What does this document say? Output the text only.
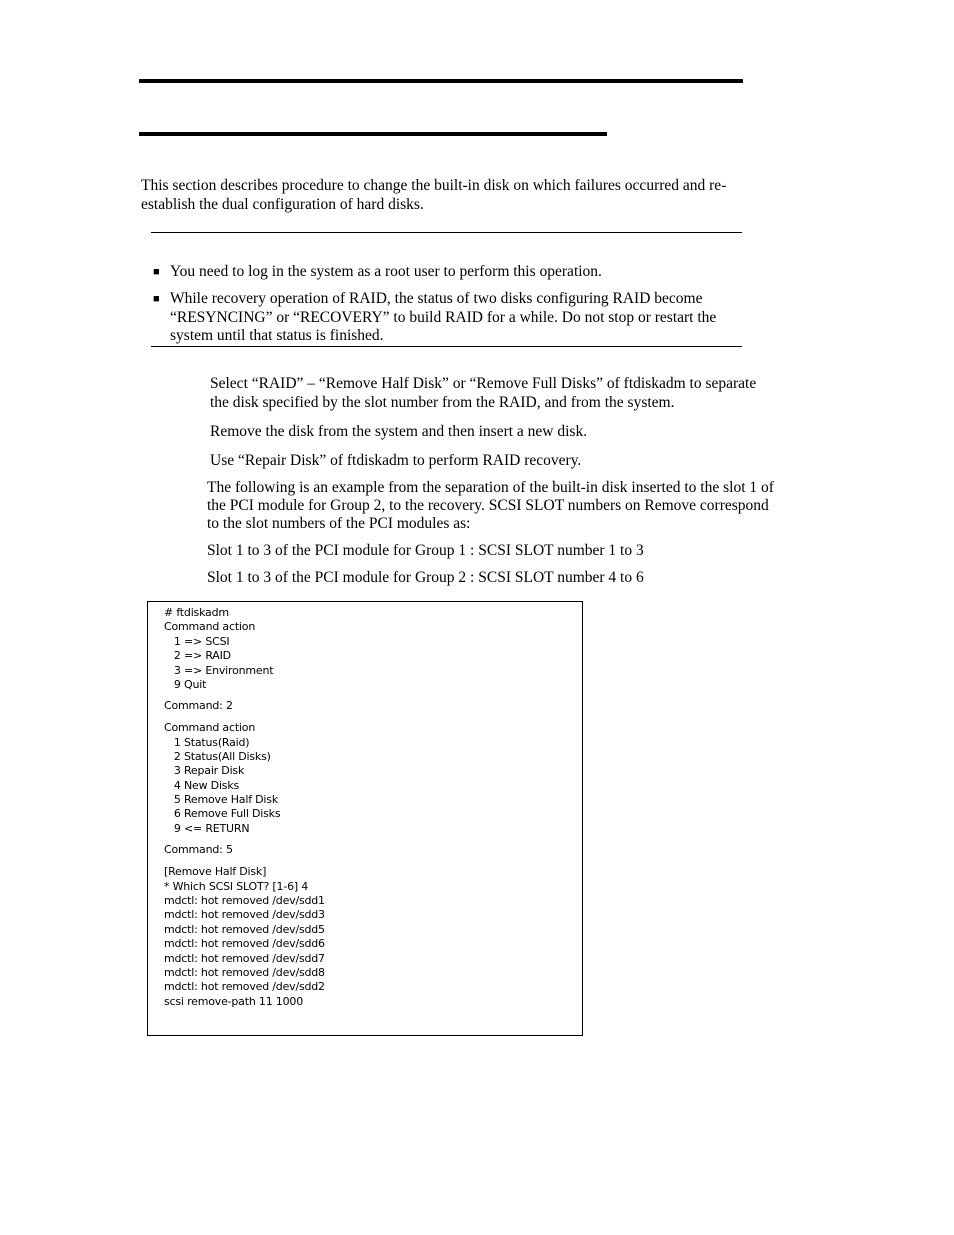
This section describes procedure to change the built-in disk on which failures occurred and re-establish the dual configuration of hard disks.

■ You need to log in the system as a root user to perform this operation.
■ While recovery operation of RAID, the status of two disks configuring RAID become “RESYNCING” or “RECOVERY” to build RAID for a while. Do not stop or restart the system until that status is finished.
Select “RAID” – “Remove Half Disk” or “Remove Full Disks” of ftdiskadm to separate the disk specified by the slot number from the RAID, and from the system.
Remove the disk from the system and then insert a new disk.
Use “Repair Disk” of ftdiskadm to perform RAID recovery.
The following is an example from the separation of the built-in disk inserted to the slot 1 of the PCI module for Group 2, to the recovery. SCSI SLOT numbers on Remove correspond to the slot numbers of the PCI modules as:
Slot 1 to 3 of the PCI module for Group 1 : SCSI SLOT number 1 to 3
Slot 1 to 3 of the PCI module for Group 2 : SCSI SLOT number 4 to 6
# ftdiskadm
Command action
1 => SCSI
2 => RAID
3 => Environment
9 Quit
Command: 2
Command action
1 Status(Raid)
2 Status(All Disks)
3 Repair Disk
4 New Disks
5 Remove Half Disk
6 Remove Full Disks
9 <= RETURN
Command: 5
[Remove Half Disk]
* Which SCSI SLOT? [1-6] 4
mdctl: hot removed /dev/sdd1
mdctl: hot removed /dev/sdd3
mdctl: hot removed /dev/sdd5
mdctl: hot removed /dev/sdd6
mdctl: hot removed /dev/sdd7
mdctl: hot removed /dev/sdd8
mdctl: hot removed /dev/sdd2
scsi remove-path 11 1000
